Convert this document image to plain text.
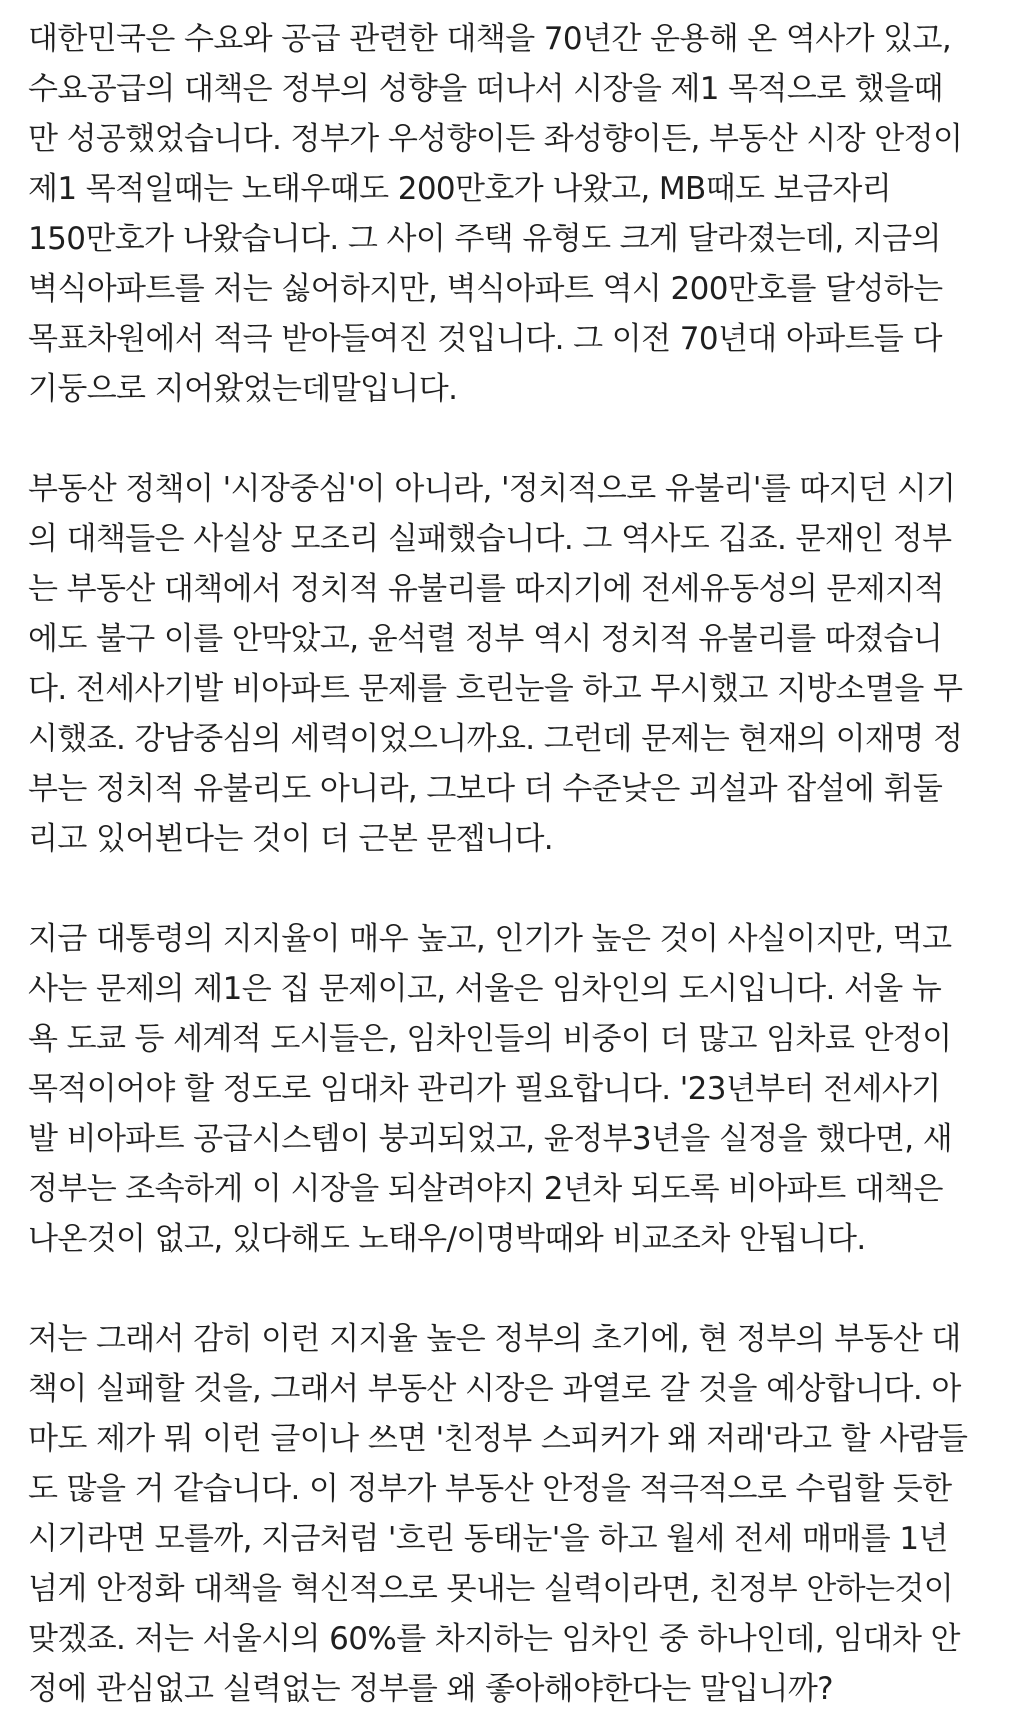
대한민국은 수요와 공급 관련한 대책을 70년간 운용해 온 역사가 있고,
수요공급의 대책은 정부의 성향을 떠나서 시장을 제1 목적으로 했을때
만 성공했었습니다. 정부가 우성향이든 좌성향이든, 부동산 시장 안정이
제1 목적일때는 노태우때도 200만호가 나왔고, MB때도 보금자리
150만호가 나왔습니다. 그 사이 주택 유형도 크게 달라졌는데, 지금의
벽식아파트를 저는 싫어하지만, 벽식아파트 역시 200만호를 달성하는
목표차원에서 적극 받아들여진 것입니다. 그 이전 70년대 아파트들 다
기둥으로 지어왔었는데말입니다.
부동산 정책이 '시장중심'이 아니라, '정치적으로 유불리'를 따지던 시기
의 대책들은 사실상 모조리 실패했습니다. 그 역사도 깁죠. 문재인 정부
는 부동산 대책에서 정치적 유불리를 따지기에 전세유동성의 문제지적
에도 불구 이를 안막았고, 윤석렬 정부 역시 정치적 유불리를 따졌습니
다. 전세사기발 비아파트 문제를 흐린눈을 하고 무시했고 지방소멸을 무
시했죠. 강남중심의 세력이었으니까요. 그런데 문제는 현재의 이재명 정
부는 정치적 유불리도 아니라, 그보다 더 수준낮은 괴설과 잡설에 휘둘
리고 있어뵌다는 것이 더 근본 문젭니다.
지금 대통령의 지지율이 매우 높고, 인기가 높은 것이 사실이지만, 먹고
사는 문제의 제1은 집 문제이고, 서울은 임차인의 도시입니다. 서울 뉴
욕 도쿄 등 세계적 도시들은, 임차인들의 비중이 더 많고 임차료 안정이
목적이어야 할 정도로 임대차 관리가 필요합니다. '23년부터 전세사기
발 비아파트 공급시스템이 붕괴되었고, 윤정부3년을 실정을 했다면, 새
정부는 조속하게 이 시장을 되살려야지 2년차 되도록 비아파트 대책은
나온것이 없고, 있다해도 노태우/이명박때와 비교조차 안됩니다.
저는 그래서 감히 이런 지지율 높은 정부의 초기에, 현 정부의 부동산 대
책이 실패할 것을, 그래서 부동산 시장은 과열로 갈 것을 예상합니다. 아
마도 제가 뭐 이런 글이나 쓰면 '친정부 스피커가 왜 저래'라고 할 사람들
도 많을 거 같습니다. 이 정부가 부동산 안정을 적극적으로 수립할 듯한
시기라면 모를까, 지금처럼 '흐린 동태눈'을 하고 월세 전세 매매를 1년
넘게 안정화 대책을 혁신적으로 못내는 실력이라면, 친정부 안하는것이
맞겠죠. 저는 서울시의 60%를 차지하는 임차인 중 하나인데, 임대차 안
정에 관심없고 실력없는 정부를 왜 좋아해야한다는 말입니까?
